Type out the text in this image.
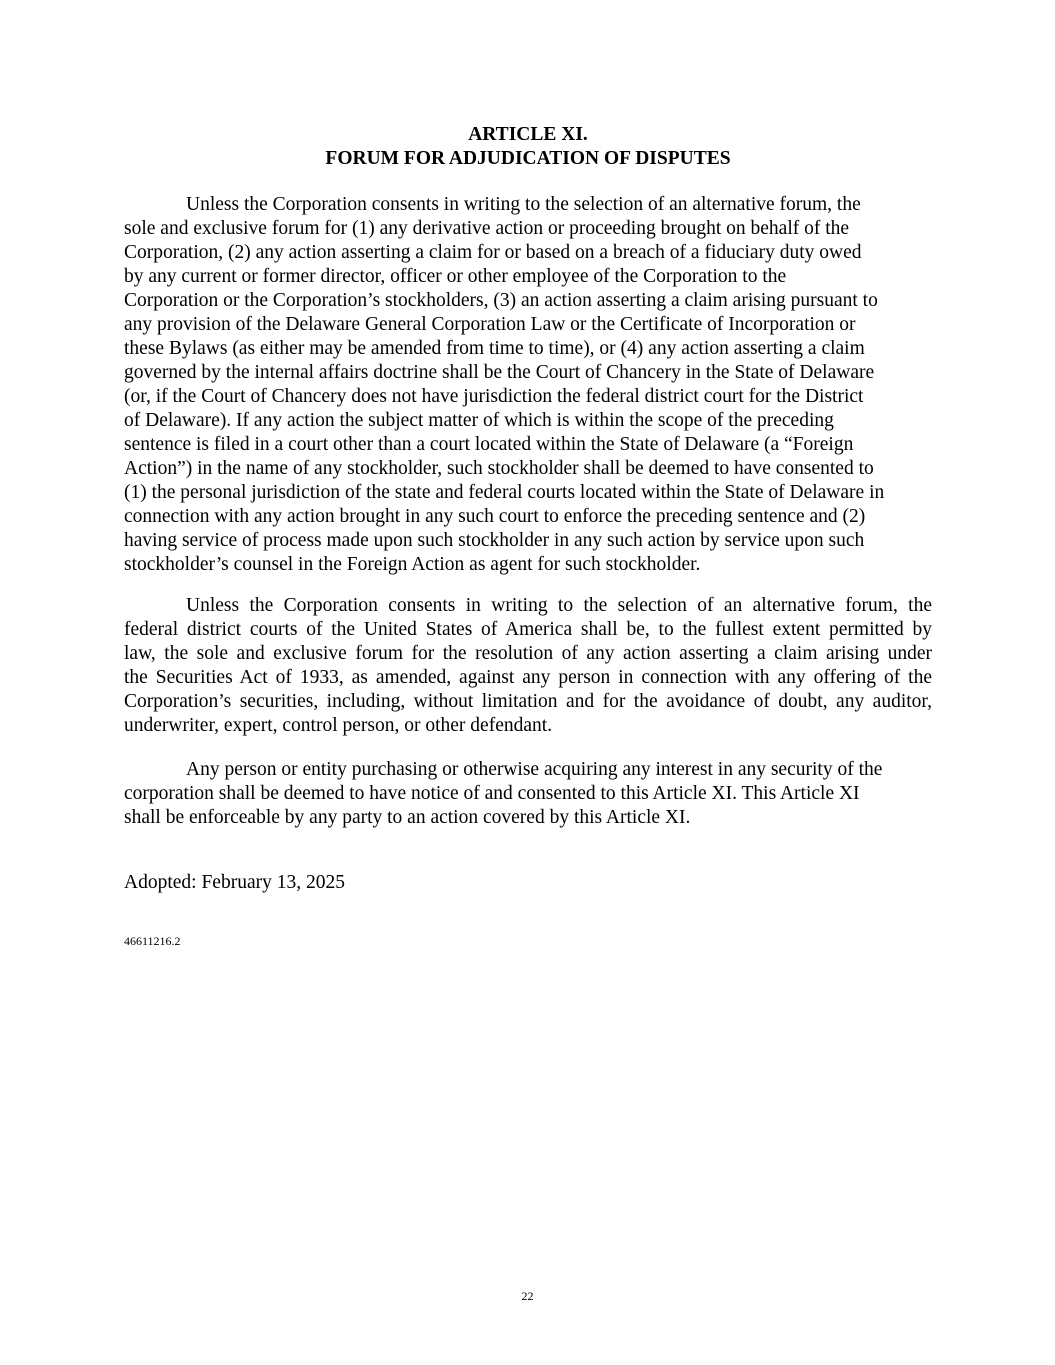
ARTICLE XI.
FORUM FOR ADJUDICATION OF DISPUTES
Unless the Corporation consents in writing to the selection of an alternative forum, the
sole and exclusive forum for (1) any derivative action or proceeding brought on behalf of the
Corporation, (2) any action asserting a claim for or based on a breach of a fiduciary duty owed
by any current or former director, officer or other employee of the Corporation to the
Corporation or the Corporation’s stockholders, (3) an action asserting a claim arising pursuant to
any provision of the Delaware General Corporation Law or the Certificate of Incorporation or
these Bylaws (as either may be amended from time to time), or (4) any action asserting a claim
governed by the internal affairs doctrine shall be the Court of Chancery in the State of Delaware
(or, if the Court of Chancery does not have jurisdiction the federal district court for the District
of Delaware). If any action the subject matter of which is within the scope of the preceding
sentence is filed in a court other than a court located within the State of Delaware (a “Foreign
Action”) in the name of any stockholder, such stockholder shall be deemed to have consented to
(1) the personal jurisdiction of the state and federal courts located within the State of Delaware in
connection with any action brought in any such court to enforce the preceding sentence and (2)
having service of process made upon such stockholder in any such action by service upon such
stockholder’s counsel in the Foreign Action as agent for such stockholder.
Unless the Corporation consents in writing to the selection of an alternative forum, the
federal district courts of the United States of America shall be, to the fullest extent permitted by
law, the sole and exclusive forum for the resolution of any action asserting a claim arising under
the Securities Act of 1933, as amended, against any person in connection with any offering of the
Corporation’s securities, including, without limitation and for the avoidance of doubt, any auditor,
underwriter, expert, control person, or other defendant.
Any person or entity purchasing or otherwise acquiring any interest in any security of the
corporation shall be deemed to have notice of and consented to this Article XI. This Article XI
shall be enforceable by any party to an action covered by this Article XI.
Adopted: February 13, 2025
46611216.2
22
